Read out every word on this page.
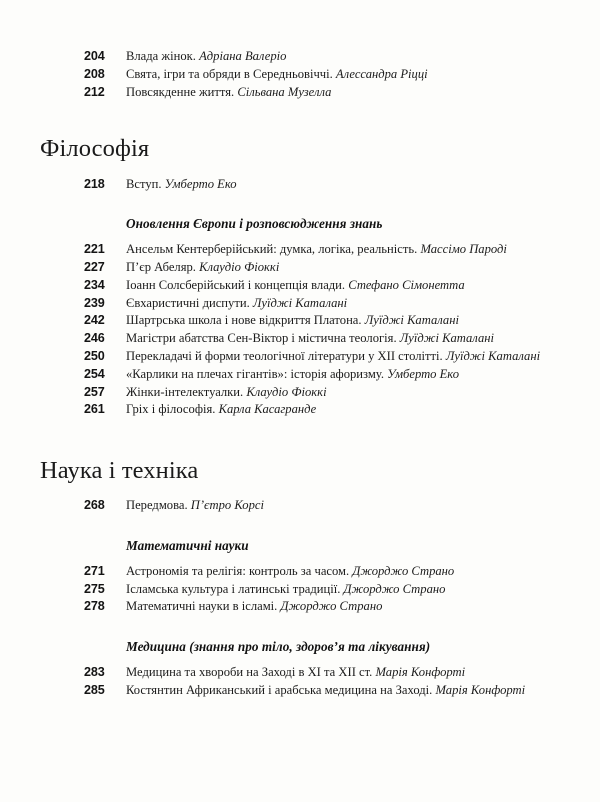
204	Влада жінок. Адріана Валеріо
208	Свята, ігри та обряди в Середньовіччі. Алессандра Ріцці
212	Повсякденне життя. Сільвана Музелла
Філософія
218	Вступ. Умберто Еко
Оновлення Європи і розповсюдження знань
221	Ансельм Кентерберійський: думка, логіка, реальність. Массімо Пароді
227	П’єр Абеляр. Клаудіо Фіоккі
234	Іоанн Солсберійський і концепція влади. Стефано Сімонетта
239	Євхаристичні диспути. Луїджі Каталані
242	Шартрська школа і нове відкриття Платона. Луїджі Каталані
246	Магістри абатства Сен-Віктор і містична теологія. Луїджі Каталані
250	Перекладачі й форми теологічної літератури у XII столітті. Луїджі Каталані
254	«Карлики на плечах гігантів»: історія афоризму. Умберто Еко
257	Жінки-інтелектуалки. Клаудіо Фіоккі
261	Гріх і філософія. Карла Касагранде
Наука і техніка
268	Передмова. П’єтро Корсі
Математичні науки
271	Астрономія та релігія: контроль за часом. Джорджо Страно
275	Ісламська культура і латинські традиції. Джорджо Страно
278	Математичні науки в ісламі. Джорджо Страно
Медицина (знання про тіло, здоров’я та лікування)
283	Медицина та хвороби на Заході в XI та XII ст. Марія Конфорті
285	Костянтин Африканський і арабська медицина на Заході. Марія Конфорті
